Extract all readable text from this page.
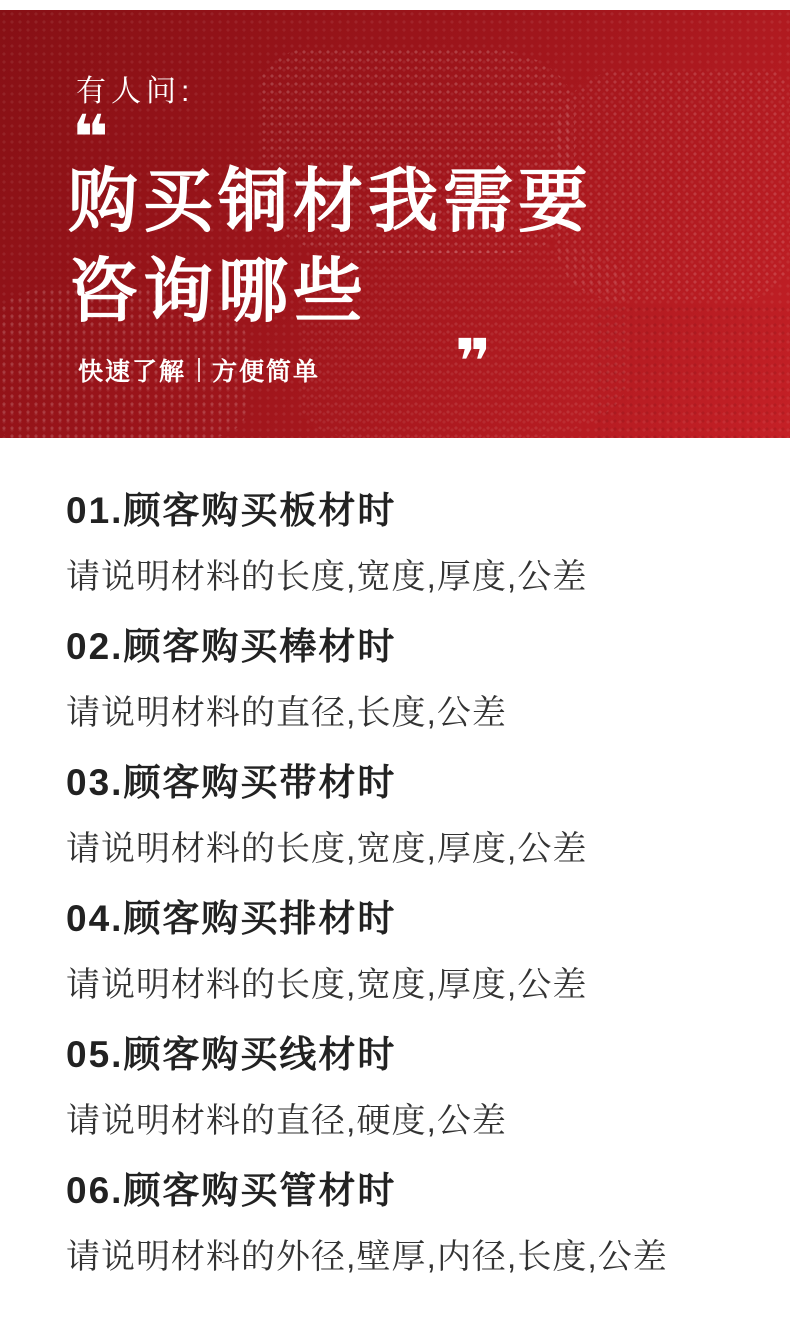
有人问:
❝
购买铜材我需要
咨询哪些
快速了解 方便简单 ❞
01.顾客购买板材时

请说明材料的长度,宽度,厚度,公差

02.顾客购买棒材时

请说明材料的直径,长度,公差

03.顾客购买带材时

请说明材料的长度,宽度,厚度,公差

04.顾客购买排材时

请说明材料的长度,宽度,厚度,公差

05.顾客购买线材时

请说明材料的直径,硬度,公差

06.顾客购买管材时

请说明材料的外径,壁厚,内径,长度,公差
